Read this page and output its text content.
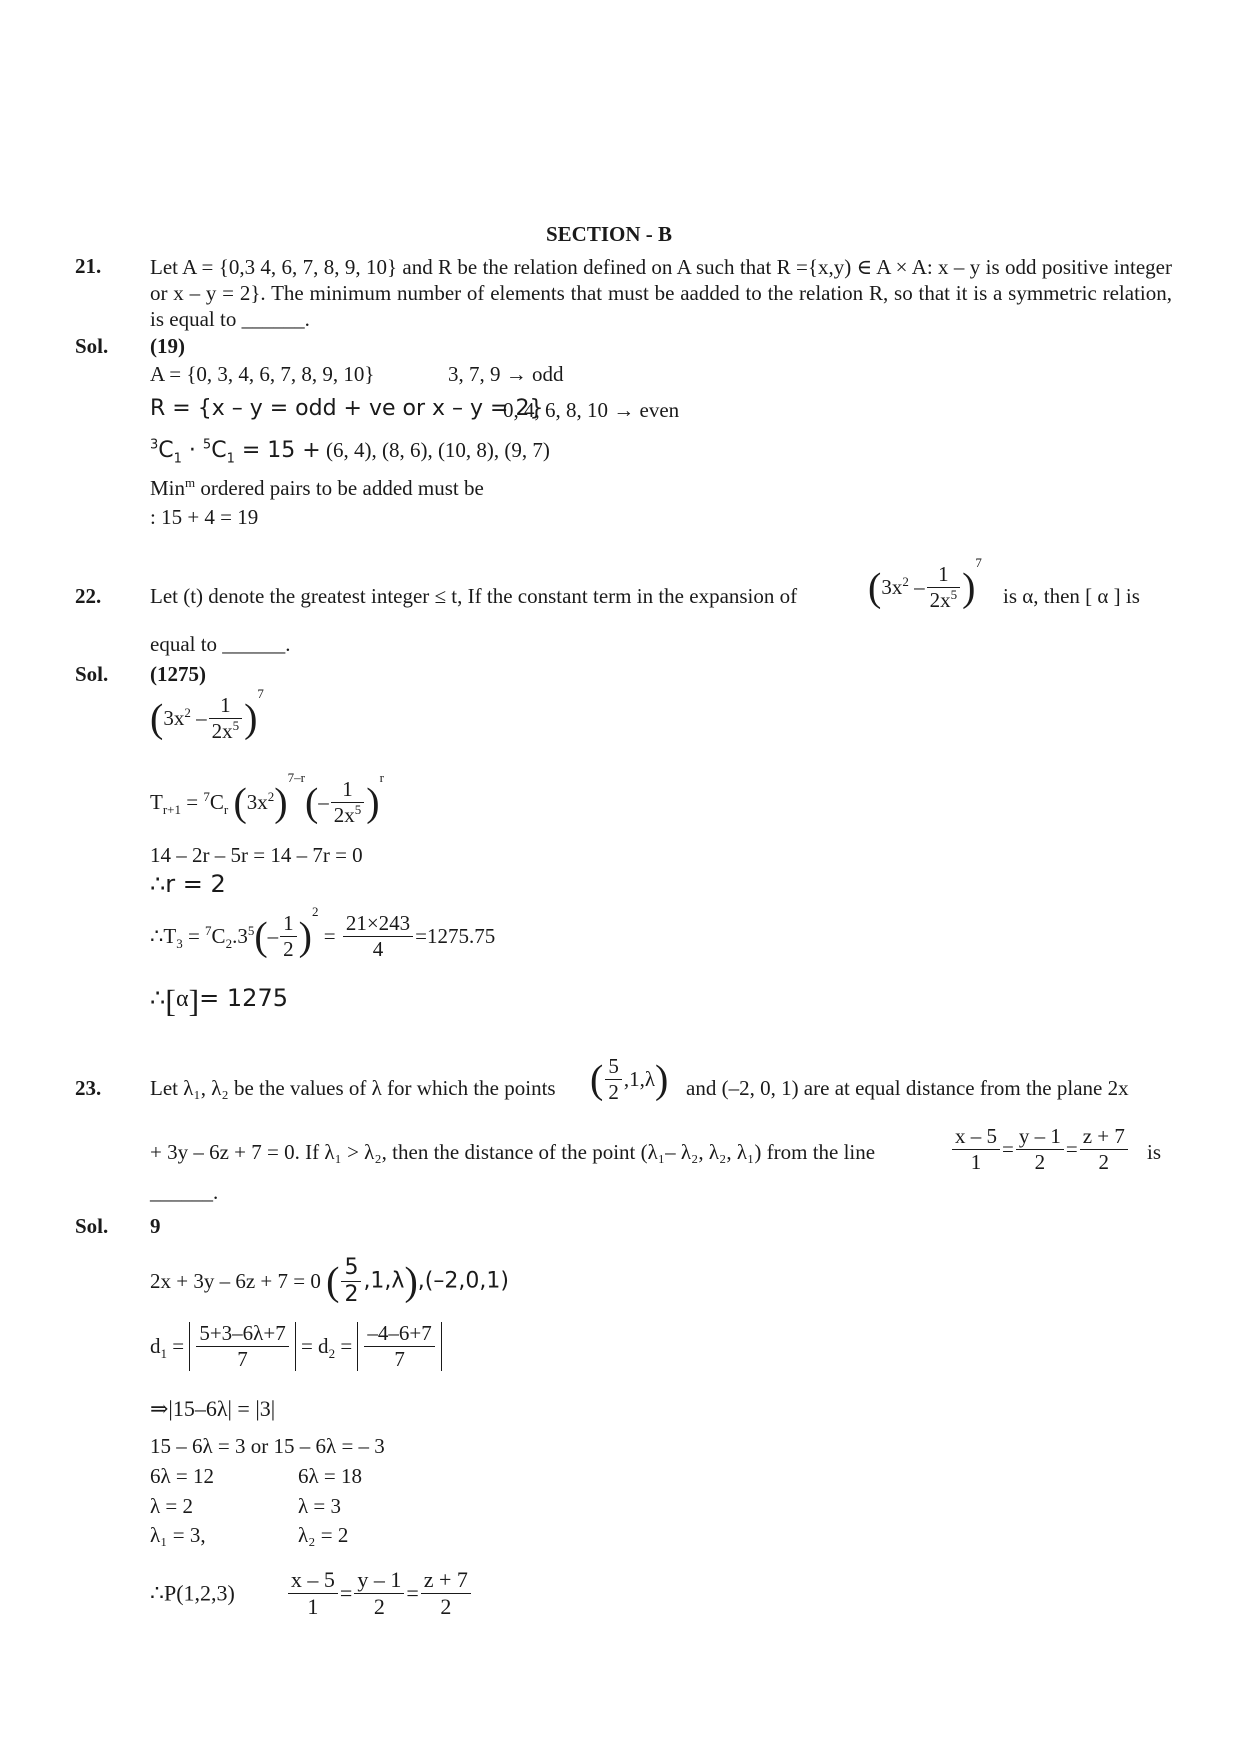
SECTION - B
21. Let A = {0,3 4, 6, 7, 8, 9, 10} and R be the relation defined on A such that R ={x,y) ∈ A × A: x – y is odd positive integer or x – y = 2}. The minimum number of elements that must be aadded to the relation R, so that it is a symmetric relation, is equal to ______.
Sol. (19)
A = {0, 3, 4, 6, 7, 8, 9, 10}	3, 7, 9 → odd
R = {x – y = odd + ve or x – y = 2}
0, 4, 6, 8, 10 → even
$^3C_1 \cdot ^5C_1 = 15 + (6$, 4), (8, 6), (10, 8), (9, 7)
Min$^m$ ordered pairs to be added must be
: 15 + 4 = 19
22. Let (t) denote the greatest integer ≤ t, If the constant term in the expansion of $(3x^2 - \frac{1}{2x^5} )^7$
is α, then [ α ] is
equal to ______.
Sol. (1275)
$(3x^2 - \frac{1}{2x^5} )^7$
$T_{r+1} = ^7C_r$ $(3x^2)^{7-r}(- \frac{1}{2x^5} )^r$
14 – 2r – 5r = 14 – 7r = 0
∴r = 2
$\therefore T_3 = ^7C_2.3^5(- \frac{1}{2} )^2 = \frac{21\times 243}{4} =1275.75$
∴[α]= 1275
23. Let λ₁, λ₂ be the values of λ for which the points ( $\frac{5}{2} ,1,\lambda$) and (–2, 0, 1) are at equal distance from the plane 2x
+ 3y – 6z + 7 = 0. If λ₁ > λ₂, then the distance of the point (λ₁– λ₂, λ₂, λ₁) from the line	$\frac{x - 5}{1} = \frac{y - 1}{2} = \frac{z + 7}{2}$ is
______.
Sol. 9
2x + 3y – 6z + 7 = 0 ( $\frac{5}{2} ,1,\lambda),(-2,0,1)$
$d_1 = \frac{5+3-6\lambda+7}{7} = d_2 = \frac{-4-6+7}{7}$
⇒|15–6λ| = |3|
15 – 6λ = 3 or 15 – 6λ = – 3
6λ = 12	6λ = 18
λ = 2	λ = 3
λ₁ = 3,	λ₂ = 2
∴P(1,2,3) $\frac{x - 5}{1} = \frac{y - 1}{2} = \frac{z + 7}{2}$
